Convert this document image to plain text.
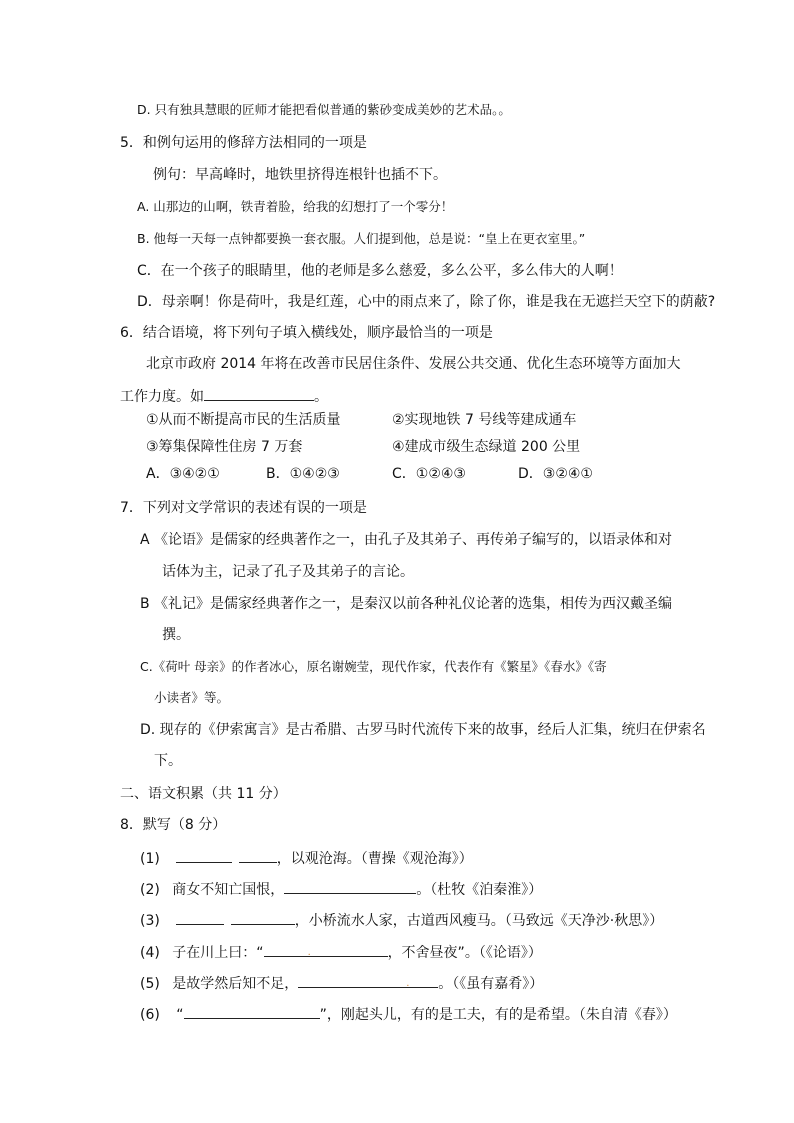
D. 只有独具慧眼的匠师才能把看似普通的紫砂变成美妙的艺术品。。
5．和例句运用的修辞方法相同的一项是
例句：早高峰时，地铁里挤得连根针也插不下。
A. 山那边的山啊，铁青着脸，给我的幻想打了一个零分！
B. 他每一天每一点钟都要换一套衣服。人们提到他，总是说：“皇上在更衣室里。”
C．在一个孩子的眼睛里，他的老师是多么慈爱，多么公平，多么伟大的人啊！
D．母亲啊！你是荷叶，我是红莲，心中的雨点来了，除了你，谁是我在无遮拦天空下的荫蔽?
6．结合语境，将下列句子填入横线处，顺序最恰当的一项是
北京市政府 2014 年将在改善市民居住条件、发展公共交通、优化生态环境等方面加大
工作力度。如	。
①从而不断提高市民的生活质量	②实现地铁 7 号线等建成通车
③筹集保障性住房 7 万套	④建成市级生态绿道 200 公里
A．③④②①	B．①④②③	C．①②④③	D．③②④①
7．下列对文学常识的表述有误的一项是
A 《论语》是儒家的经典著作之一，由孔子及其弟子、再传弟子编写的，以语录体和对
话体为主，记录了孔子及其弟子的言论。
B 《礼记》是儒家经典著作之一，是秦汉以前各种礼仪论著的选集，相传为西汉戴圣编
撰。
C.《荷叶 母亲》的作者冰心，原名谢婉莹，现代作家，代表作有《繁星》《春水》《寄
小读者》等。
D. 现存的《伊索寓言》是古希腊、古罗马时代流传下来的故事，经后人汇集，统归在伊索名
下。
二、语文积累（共 11 分）
8．默写（8 分）
(1)	，以观沧海。（曹操《观沧海》）
(2) 商女不知亡国恨，	。（杜牧《泊秦淮》）
(3)	，小桥流水人家，古道西风瘦马。（马致远《天净沙·秋思》）
(4) 子在川上曰：“	.	，不舍昼夜”。（《论语》）
(5) 是故学然后知不足，	. 。（《虽有嘉肴》）
(6) “	”，刚起头儿，有的是工夫，有的是希望。（朱自清《春》）
